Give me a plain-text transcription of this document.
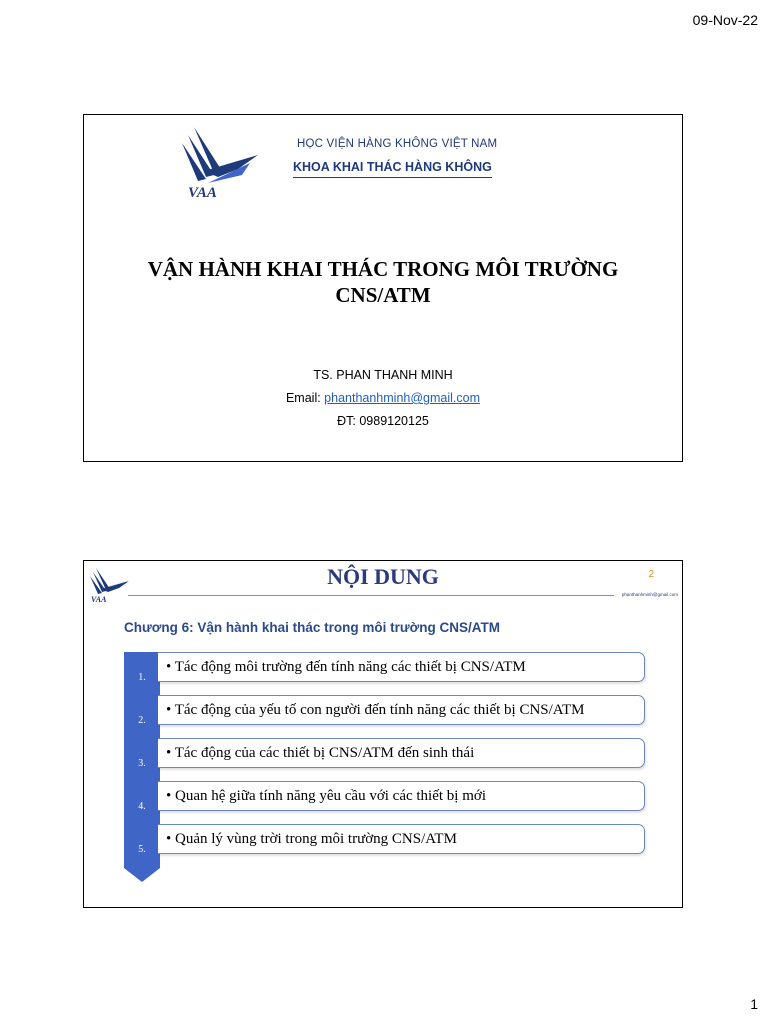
09-Nov-22
VAA
HỌC VIỆN HÀNG KHÔNG VIỆT NAM
KHOA KHAI THÁC HÀNG KHÔNG
VẬN HÀNH KHAI THÁC TRONG MÔI TRƯỜNG
CNS/ATM
TS. PHAN THANH MINH
Email: phanthanhminh@gmail.com
ĐT: 0989120125
VAA
NỘI DUNG	2
phanthanhminh@gmail.com
Chương 6: Vận hành khai thác trong môi trường CNS/ATM
1.
• Tác động môi trường đến tính năng các thiết bị CNS/ATM
2.
• Tác động của yếu tố con người đến tính năng các thiết bị CNS/ATM
3.
• Tác động của các thiết bị CNS/ATM đến sinh thái
4.
• Quan hệ giữa tính năng yêu cầu với các thiết bị mới
5.
• Quản lý vùng trời trong môi trường CNS/ATM
1
